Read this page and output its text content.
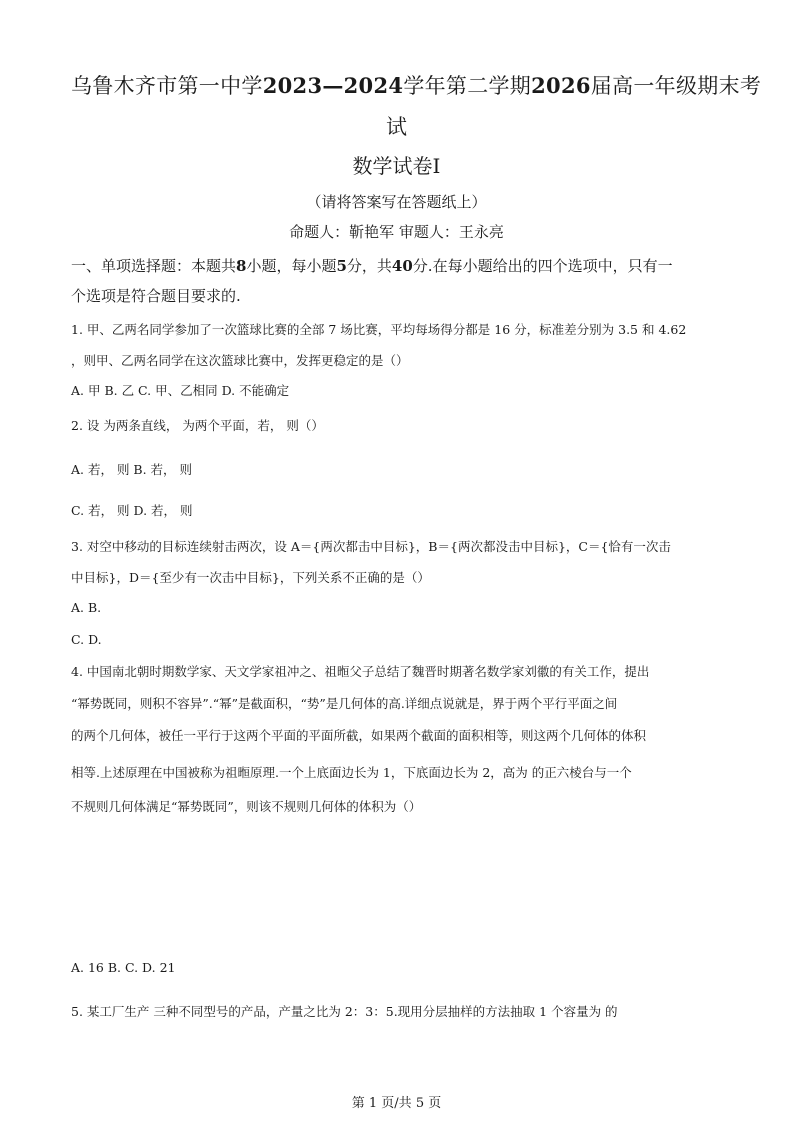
乌鲁木齐市第一中学2023—2024学年第二学期2026届高一年级期末考
试
数学试卷Ⅰ
（请将答案写在答题纸上）
命题人：靳艳军 审题人：王永亮
一、单项选择题：本题共8小题，每小题5分，共40分.在每小题给出的四个选项中，只有一
个选项是符合题目要求的.
1. 甲、乙两名同学参加了一次篮球比赛的全部 7 场比赛，平均每场得分都是 16 分，标准差分别为 3.5 和 4.62
，则甲、乙两名同学在这次篮球比赛中，发挥更稳定的是（）
A. 甲 B. 乙 C. 甲、乙相同 D. 不能确定
2. 设 为两条直线， 为两个平面，若， 则（）
A. 若， 则 B. 若， 则
C. 若， 则 D. 若， 则
3. 对空中移动的目标连续射击两次，设 A＝{两次都击中目标}，B＝{两次都没击中目标}，C＝{恰有一次击
中目标}，D＝{至少有一次击中目标}，下列关系不正确的是（）
A. B.
C. D.
4. 中国南北朝时期数学家、天文学家祖冲之、祖暅父子总结了魏晋时期著名数学家刘徽的有关工作，提出
“幂势既同，则积不容异”.“幂”是截面积，“势”是几何体的高.详细点说就是，界于两个平行平面之间
的两个几何体，被任一平行于这两个平面的平面所截，如果两个截面的面积相等，则这两个几何体的体积
相等.上述原理在中国被称为祖暅原理.一个上底面边长为 1，下底面边长为 2，高为 的正六棱台与一个
不规则几何体满足“幂势既同”，则该不规则几何体的体积为（）
A. 16 B. C. D. 21
5. 某工厂生产 三种不同型号的产品，产量之比为 2：3：5.现用分层抽样的方法抽取 1 个容量为 的
第 1 页/共 5 页
